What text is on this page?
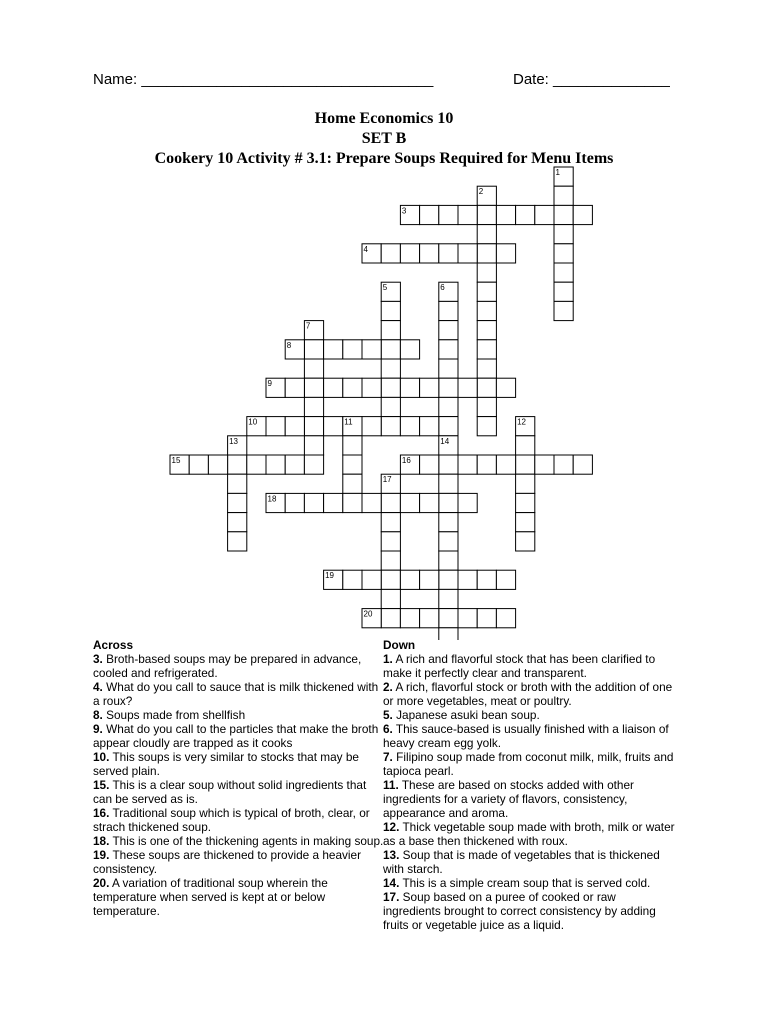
Name: ___________________________________	Date: ______________
Home Economics 10
SET B
Cookery 10 Activity # 3.1: Prepare Soups Required for Menu Items
1
2
3
4
5	6
7
8
9
10	11	12
13	14
15	16
17
18
19
20
Across
3. Broth-based soups may be prepared in advance, cooled and refrigerated.
4. What do you call to sauce that is milk thickened with a roux?
8. Soups made from shellfish
9. What do you call to the particles that make the broth appear cloudly are trapped as it cooks
10. This soups is very similar to stocks that may be served plain.
15. This is a clear soup without solid ingredients that can be served as is.
16. Traditional soup which is typical of broth, clear, or strach thickened soup.
18. This is one of the thickening agents in making soup.
19. These soups are thickened to provide a heavier consistency.
20. A variation of traditional soup wherein the temperature when served is kept at or below temperature.
Down
1. A rich and flavorful stock that has been clarified to make it perfectly clear and transparent.
2. A rich, flavorful stock or broth with the addition of one or more vegetables, meat or poultry.
5. Japanese asuki bean soup.
6. This sauce-based is usually finished with a liaison of heavy cream egg yolk.
7. Filipino soup made from coconut milk, milk, fruits and tapioca pearl.
11. These are based on stocks added with other ingredients for a variety of flavors, consistency, appearance and aroma.
12. Thick vegetable soup made with broth, milk or water as a base then thickened with roux.
13. Soup that is made of vegetables that is thickened with starch.
14. This is a simple cream soup that is served cold.
17. Soup based on a puree of cooked or raw ingredients brought to correct consistency by adding fruits or vegetable juice as a liquid.
